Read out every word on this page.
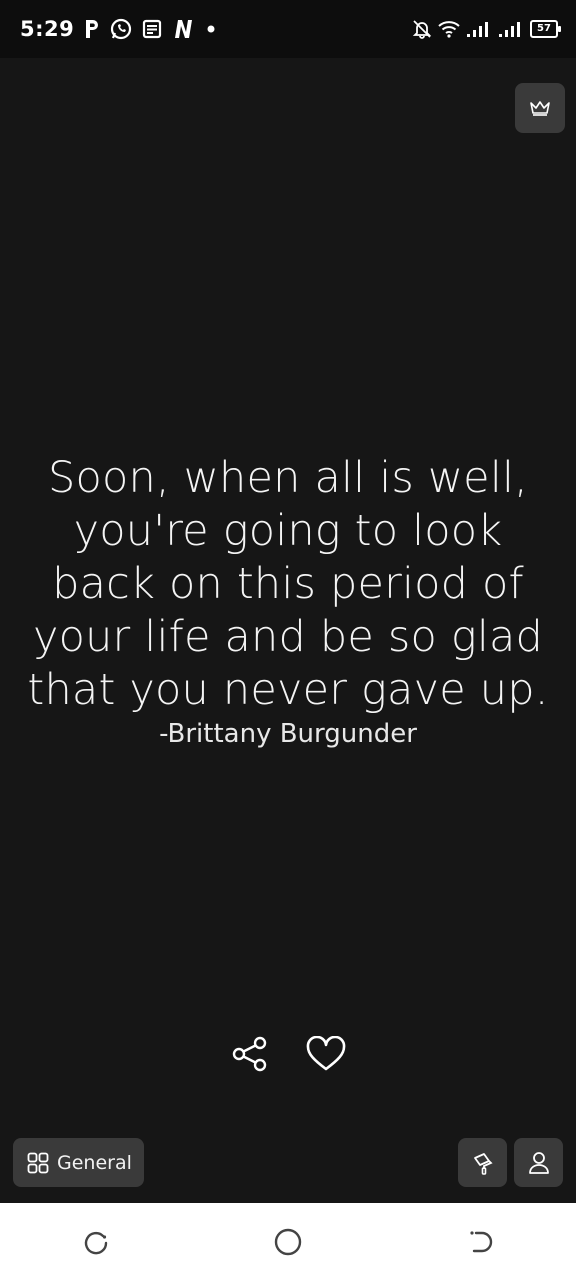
5:29	57
Soon, when all is well,
you're going to look
back on this period of
your life and be so glad
that you never gave up.
-Brittany Burgunder
General
